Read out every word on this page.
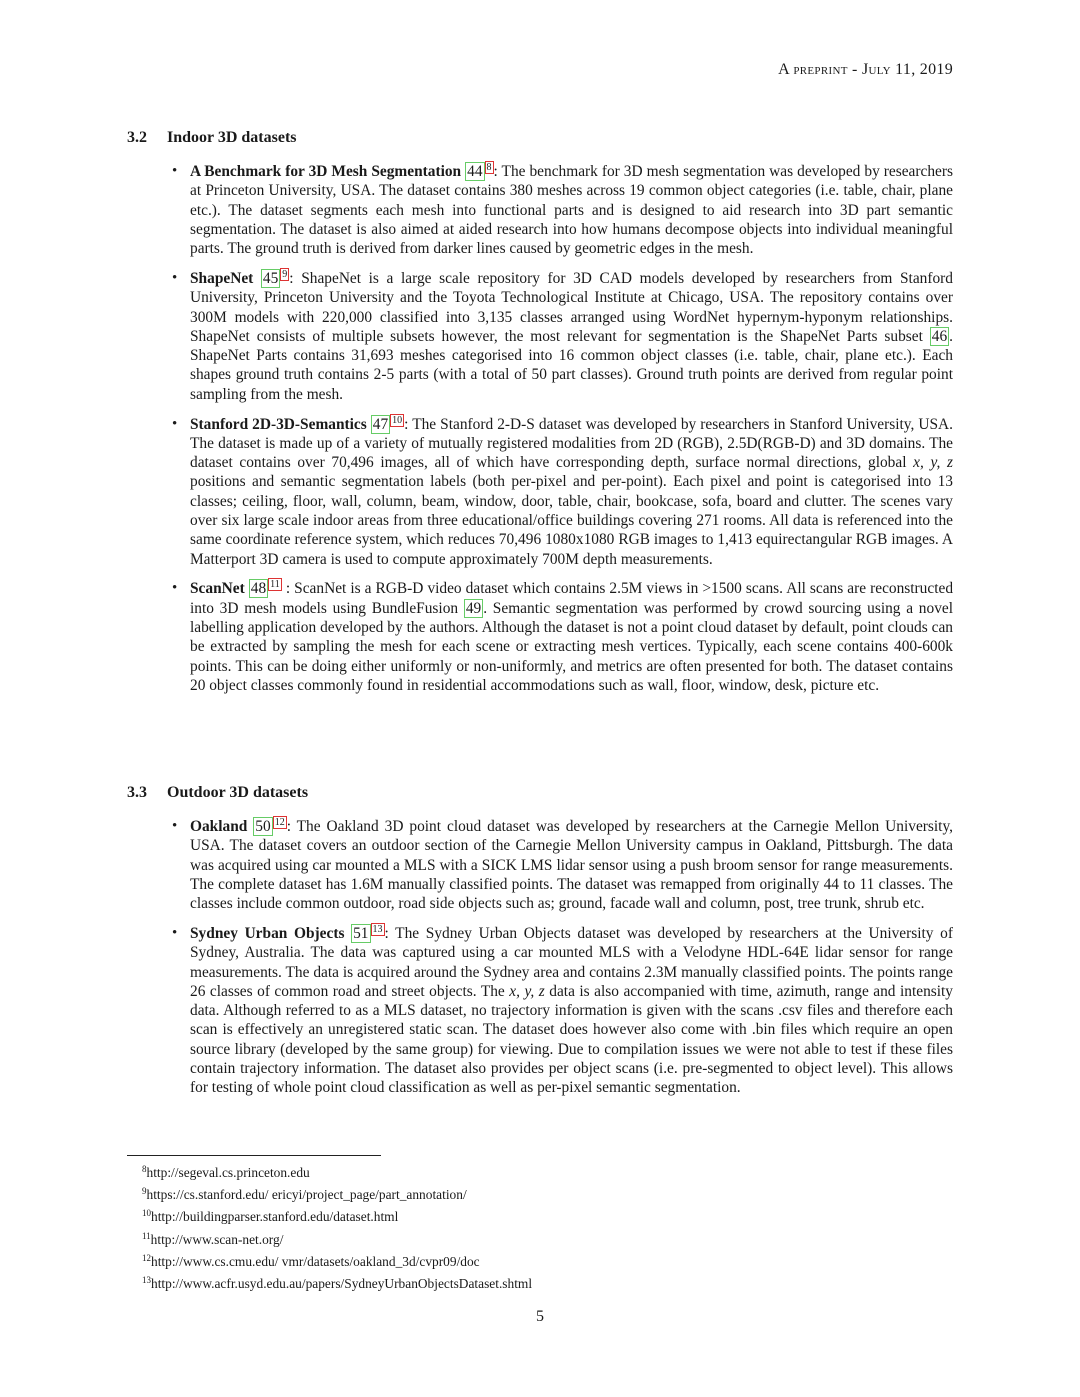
A preprint - July 11, 2019
3.2 Indoor 3D datasets
• A Benchmark for 3D Mesh Segmentation 44 $^8$ : The benchmark for 3D mesh segmentation was developed by researchers at Princeton University, USA. The dataset contains 380 meshes across 19 common object categories (i.e. table, chair, plane etc.). The dataset segments each mesh into functional parts and is designed to aid research into 3D part semantic segmentation. The dataset is also aimed at aided research into how humans decompose objects into individual meaningful parts. The ground truth is derived from darker lines caused by geometric edges in the mesh.
• ShapeNet 45 $^9$ : ShapeNet is a large scale repository for 3D CAD models developed by researchers from Stanford University, Princeton University and the Toyota Technological Institute at Chicago, USA. The repository contains over 300M models with 220,000 classified into 3,135 classes arranged using WordNet hypernym-hyponym relationships. ShapeNet consists of multiple subsets however, the most relevant for segmentation is the ShapeNet Parts subset 46 . ShapeNet Parts contains 31,693 meshes categorised into 16 common object classes (i.e. table, chair, plane etc.). Each shapes ground truth contains 2-5 parts (with a total of 50 part classes). Ground truth points are derived from regular point sampling from the mesh.
• Stanford 2D-3D-Semantics 47 $^{10}$ : The Stanford 2-D-S dataset was developed by researchers in Stanford University, USA. The dataset is made up of a variety of mutually registered modalities from 2D (RGB), 2.5D(RGB-D) and 3D domains. The dataset contains over 70,496 images, all of which have corresponding depth, surface normal directions, global x, y, z positions and semantic segmentation labels (both per-pixel and per-point). Each pixel and point is categorised into 13 classes; ceiling, floor, wall, column, beam, window, door, table, chair, bookcase, sofa, board and clutter. The scenes vary over six large scale indoor areas from three educational/office buildings covering 271 rooms. All data is referenced into the same coordinate reference system, which reduces 70,496 1080x1080 RGB images to 1,413 equirectangular RGB images. A Matterport 3D camera is used to compute approximately 700M depth measurements.
• ScanNet 48 $^{11}$ : ScanNet is a RGB-D video dataset which contains 2.5M views in >1500 scans. All scans are reconstructed into 3D mesh models using BundleFusion 49 . Semantic segmentation was performed by crowd sourcing using a novel labelling application developed by the authors. Although the dataset is not a point cloud dataset by default, point clouds can be extracted by sampling the mesh for each scene or extracting mesh vertices. Typically, each scene contains 400-600k points. This can be doing either uniformly or non-uniformly, and metrics are often presented for both. The dataset contains 20 object classes commonly found in residential accommodations such as wall, floor, window, desk, picture etc.
3.3 Outdoor 3D datasets
• Oakland 50 $^{12}$ : The Oakland 3D point cloud dataset was developed by researchers at the Carnegie Mellon University, USA. The dataset covers an outdoor section of the Carnegie Mellon University campus in Oakland, Pittsburgh. The data was acquired using car mounted a MLS with a SICK LMS lidar sensor using a push broom sensor for range measurements. The complete dataset has 1.6M manually classified points. The dataset was remapped from originally 44 to 11 classes. The classes include common outdoor, road side objects such as; ground, facade wall and column, post, tree trunk, shrub etc.
• Sydney Urban Objects 51 $^{13}$ : The Sydney Urban Objects dataset was developed by researchers at the University of Sydney, Australia. The data was captured using a car mounted MLS with a Velodyne HDL-64E lidar sensor for range measurements. The data is acquired around the Sydney area and contains 2.3M manually classified points. The points range 26 classes of common road and street objects. The x, y, z data is also accompanied with time, azimuth, range and intensity data. Although referred to as a MLS dataset, no trajectory information is given with the scans .csv files and therefore each scan is effectively an unregistered static scan. The dataset does however also come with .bin files which require an open source library (developed by the same group) for viewing. Due to compilation issues we were not able to test if these files contain trajectory information. The dataset also provides per object scans (i.e. pre-segmented to object level). This allows for testing of whole point cloud classification as well as per-pixel semantic segmentation.
$^8$http://segeval.cs.princeton.edu
$^9$https://cs.stanford.edu/ ericyi/project_page/part_annotation/
$^{10}$http://buildingparser.stanford.edu/dataset.html
$^{11}$http://www.scan-net.org/
$^{12}$http://www.cs.cmu.edu/ vmr/datasets/oakland_3d/cvpr09/doc
$^{13}$http://www.acfr.usyd.edu.au/papers/SydneyUrbanObjectsDataset.shtml
5
